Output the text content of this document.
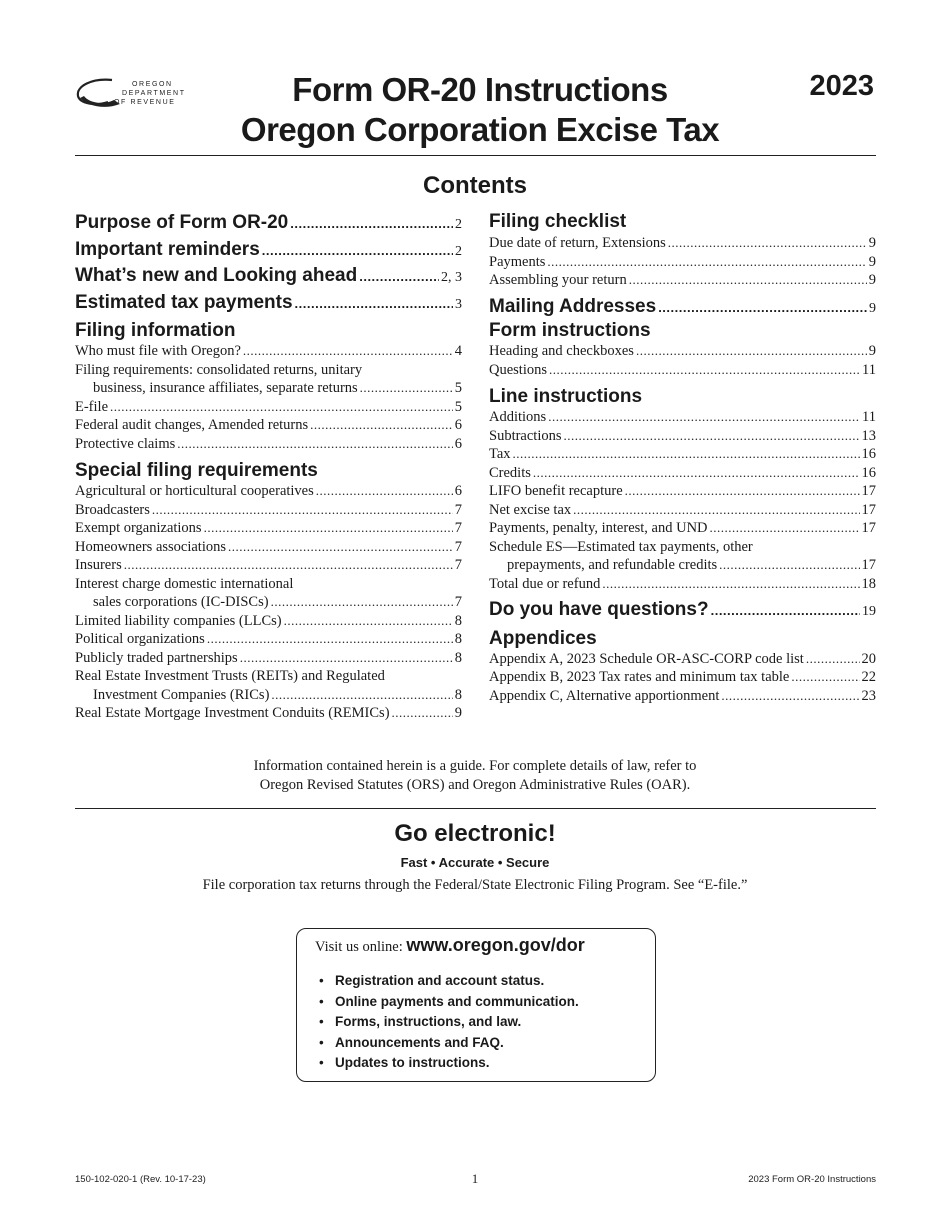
OREGON
DEPARTMENT
OF REVENUE	Form OR-20 Instructions
Oregon Corporation Excise Tax
2023
Contents
Purpose of Form OR-20 .....	2
Important reminders .....	2
What’s new and Looking ahead .....	2, 3
Estimated tax payments .....	3
Filing information
Who must file with Oregon? .....	4
Filing requirements: consolidated returns, unitary
business, insurance affiliates, separate returns .....	5
E-file .....	5
Federal audit changes, Amended returns .....	6
Protective claims .....	6
Special filing requirements
Agricultural or horticultural cooperatives .....	6
Broadcasters .....	7
Exempt organizations .....	7
Homeowners associations .....	7
Insurers .....	7
Interest charge domestic international
sales corporations (IC-DISCs) .....	7
Limited liability companies (LLCs) .....	8
Political organizations .....	8
Publicly traded partnerships .....	8
Real Estate Investment Trusts (REITs) and Regulated
Investment Companies (RICs) .....	8
Real Estate Mortgage Investment Conduits (REMICs) .....	9
Filing checklist
Due date of return, Extensions .....	9
Payments .....	9
Assembling your return .....	9
Mailing Addresses .....	9
Form instructions
Heading and checkboxes .....	9
Questions .....	11
Line instructions
Additions .....	11
Subtractions .....	13
Tax .....	16
Credits .....	16
LIFO benefit recapture .....	17
Net excise tax .....	17
Payments, penalty, interest, and UND .....	17
Schedule ES—Estimated tax payments, other
prepayments, and refundable credits .....	17
Total due or refund .....	18
Do you have questions? .....	19
Appendices
Appendix A, 2023 Schedule OR-ASC-CORP code list .....	20
Appendix B, 2023 Tax rates and minimum tax table .....	22
Appendix C, Alternative apportionment .....	23
Information contained herein is a guide. For complete details of law, refer to
Oregon Revised Statutes (ORS) and Oregon Administrative Rules (OAR).
Go electronic!
Fast • Accurate • Secure
File corporation tax returns through the Federal/State Electronic Filing Program. See “E-file.”
Visit us online: www.oregon.gov/dor
• Registration and account status.
• Online payments and communication.
• Forms, instructions, and law.
• Announcements and FAQ.
• Updates to instructions.
150-102-020-1 (Rev. 10-17-23)	1	2023 Form OR-20 Instructions
